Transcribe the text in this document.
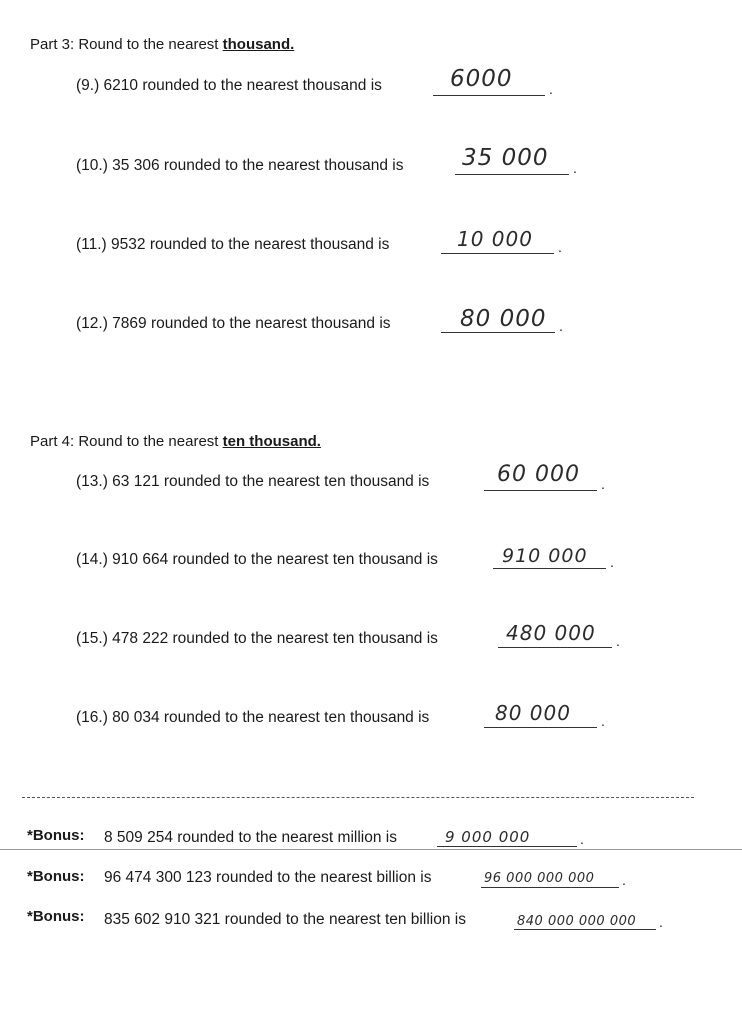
Part 3: Round to the nearest thousand.
(9.) 6210 rounded to the nearest thousand is	6000	.
(10.) 35 306 rounded to the nearest thousand is	35 000 .
(11.) 9532 rounded to the nearest thousand is	10 000 .
(12.) 7869 rounded to the nearest thousand is	80 000 .
Part 4: Round to the nearest ten thousand.
(13.) 63 121 rounded to the nearest ten thousand is	60 000 .
(14.) 910 664 rounded to the nearest ten thousand is	910 000 .
(15.) 478 222 rounded to the nearest ten thousand is	480 000 .
(16.) 80 034 rounded to the nearest ten thousand is	80 000 .
*Bonus: 8 509 254 rounded to the nearest million is	9 000 000	.
*Bonus: 96 474 300 123 rounded to the nearest billion is	96 000 000 000 .
*Bonus: 835 602 910 321 rounded to the nearest ten billion is	840 000 000 000 .
